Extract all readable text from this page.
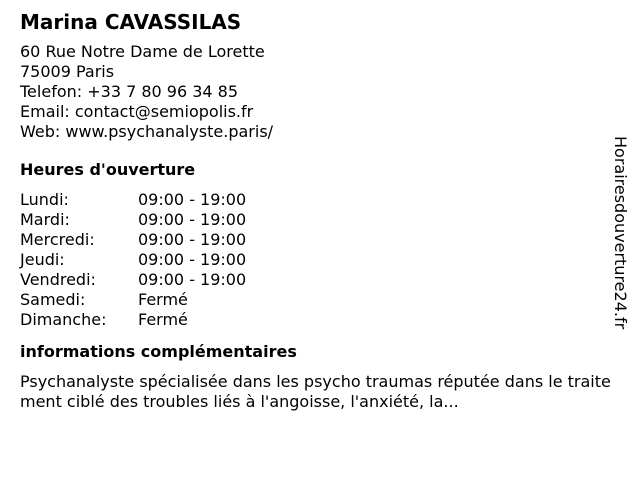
Marina CAVASSILAS
60 Rue Notre Dame de Lorette
75009 Paris
Telefon: +33 7 80 96 34 85
Email: contact@semiopolis.fr
Web: www.psychanalyste.paris/
Heures d'ouverture
Lundi:	09:00 - 19:00
Mardi:	09:00 - 19:00
Mercredi:	09:00 - 19:00
Jeudi:	09:00 - 19:00
Vendredi:	09:00 - 19:00
Samedi:	Fermé
Dimanche:	Fermé
informations complémentaires
Psychanalyste spécialisée dans les psycho traumas réputée dans le traitement ciblé des troubles liés à l'angoisse, l'anxiété, la...
Horairesdouverture24.fr
